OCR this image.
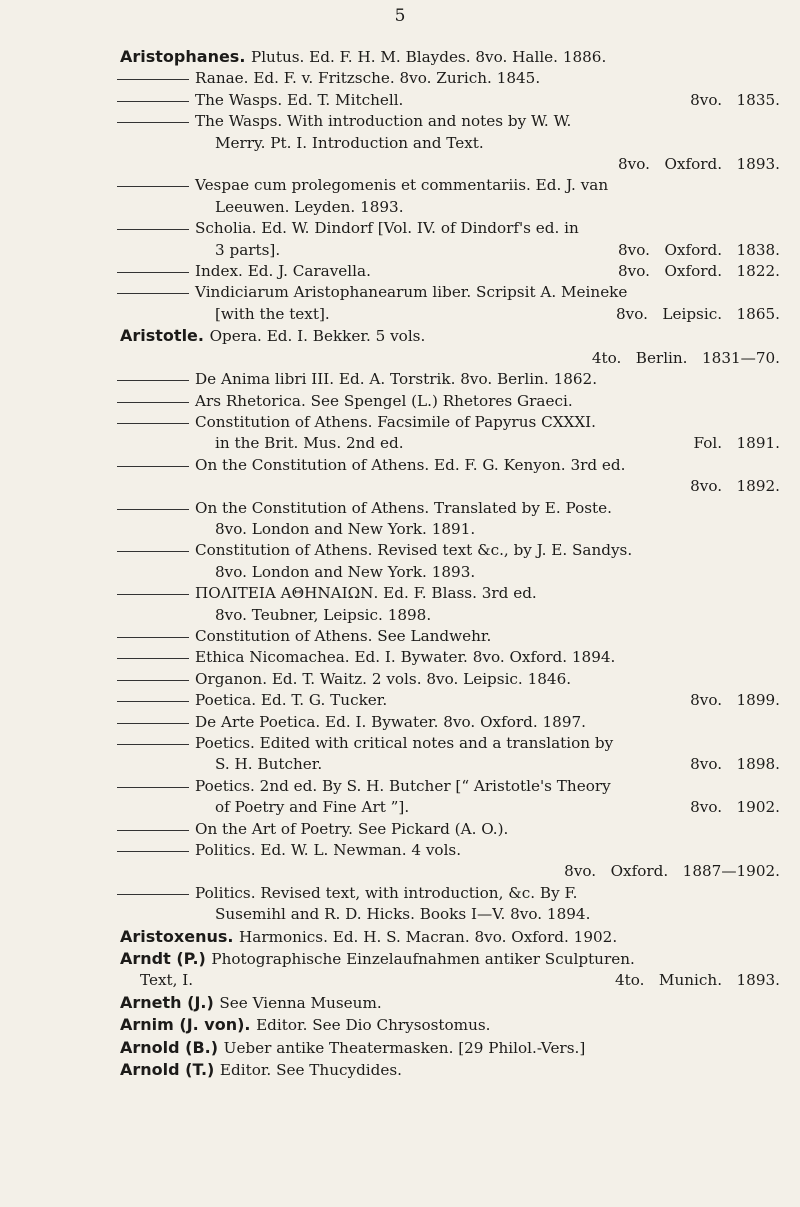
5
Aristophanes. Plutus. Ed. F. H. M. Blaydes. 8vo. Halle. 1886.
Ranae. Ed. F. v. Fritzsche. 8vo. Zurich. 1845.
The Wasps. Ed. T. Mitchell.	8vo.   1835.
The Wasps. With introduction and notes by W. W.
Merry. Pt. I. Introduction and Text.
8vo.   Oxford.   1893.
Vespae cum prolegomenis et commentariis. Ed. J. van
Leeuwen. Leyden. 1893.
Scholia. Ed. W. Dindorf [Vol. IV. of Dindorf's ed. in
3 parts].	8vo.   Oxford.   1838.
Index. Ed. J. Caravella.	8vo.   Oxford.   1822.
Vindiciarum Aristophanearum liber. Scripsit A. Meineke
[with the text].	8vo.   Leipsic.   1865.
Aristotle. Opera. Ed. I. Bekker. 5 vols.
4to.   Berlin.   1831—70.
De Anima libri III. Ed. A. Torstrik. 8vo. Berlin. 1862.
Ars Rhetorica. See Spengel (L.) Rhetores Graeci.
Constitution of Athens. Facsimile of Papyrus CXXXI.
in the Brit. Mus. 2nd ed.	Fol.   1891.
On the Constitution of Athens. Ed. F. G. Kenyon. 3rd ed.
8vo.   1892.
On the Constitution of Athens. Translated by E. Poste.
8vo. London and New York. 1891.
Constitution of Athens. Revised text &c., by J. E. Sandys.
8vo. London and New York. 1893.
ΠΟΛΙΤΕΙΑ ΑΘΗΝΑΙΩΝ. Ed. F. Blass. 3rd ed.
8vo. Teubner, Leipsic. 1898.
Constitution of Athens. See Landwehr.
Ethica Nicomachea. Ed. I. Bywater. 8vo. Oxford. 1894.
Organon. Ed. T. Waitz. 2 vols. 8vo. Leipsic. 1846.
Poetica. Ed. T. G. Tucker.	8vo.   1899.
De Arte Poetica. Ed. I. Bywater. 8vo. Oxford. 1897.
Poetics. Edited with critical notes and a translation by
S. H. Butcher.	8vo.   1898.
Poetics. 2nd ed. By S. H. Butcher [“ Aristotle's Theory
of Poetry and Fine Art ”].	8vo.   1902.
On the Art of Poetry. See Pickard (A. O.).
Politics. Ed. W. L. Newman. 4 vols.
8vo.   Oxford.   1887—1902.
Politics. Revised text, with introduction, &c. By F.
Susemihl and R. D. Hicks. Books I—V. 8vo. 1894.
Aristoxenus. Harmonics. Ed. H. S. Macran. 8vo. Oxford. 1902.
Arndt (P.) Photographische Einzelaufnahmen antiker Sculpturen.
Text, I.	4to.   Munich.   1893.
Arneth (J.) See Vienna Museum.
Arnim (J. von). Editor. See Dio Chrysostomus.
Arnold (B.) Ueber antike Theatermasken. [29 Philol.-Vers.]
Arnold (T.) Editor. See Thucydides.
